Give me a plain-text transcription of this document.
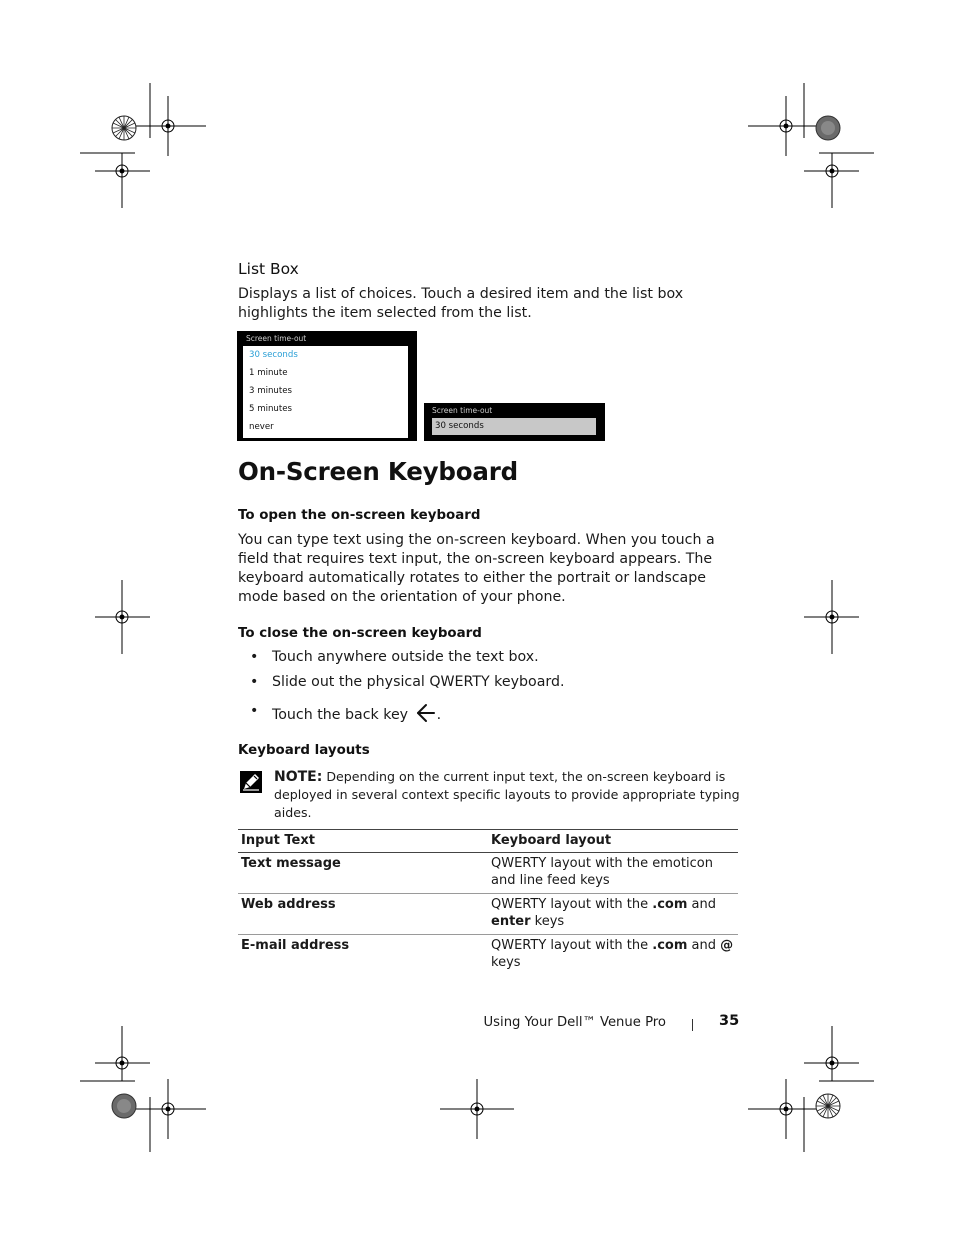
List Box
Displays a list of choices. Touch a desired item and the list box highlights the item selected from the list.
Screen time-out
30 seconds
1 minute
3 minutes
5 minutes
never
Screen time-out
30 seconds
On-Screen Keyboard
To open the on-screen keyboard
You can type text using the on-screen keyboard. When you touch a field that requires text input, the on-screen keyboard appears. The keyboard automatically rotates to either the portrait or landscape mode based on the orientation of your phone.
To close the on-screen keyboard
• Touch anywhere outside the text box.
• Slide out the physical QWERTY keyboard.
• Touch the back key .
Keyboard layouts
NOTE: Depending on the current input text, the on-screen keyboard is deployed in several context specific layouts to provide appropriate typing aides.
Input Text	Keyboard layout
Text message	QWERTY layout with the emoticon and line feed keys
Web address	QWERTY layout with the .com and enter keys
E-mail address	QWERTY layout with the .com and @ keys
Using Your Dell™ Venue Pro	35
